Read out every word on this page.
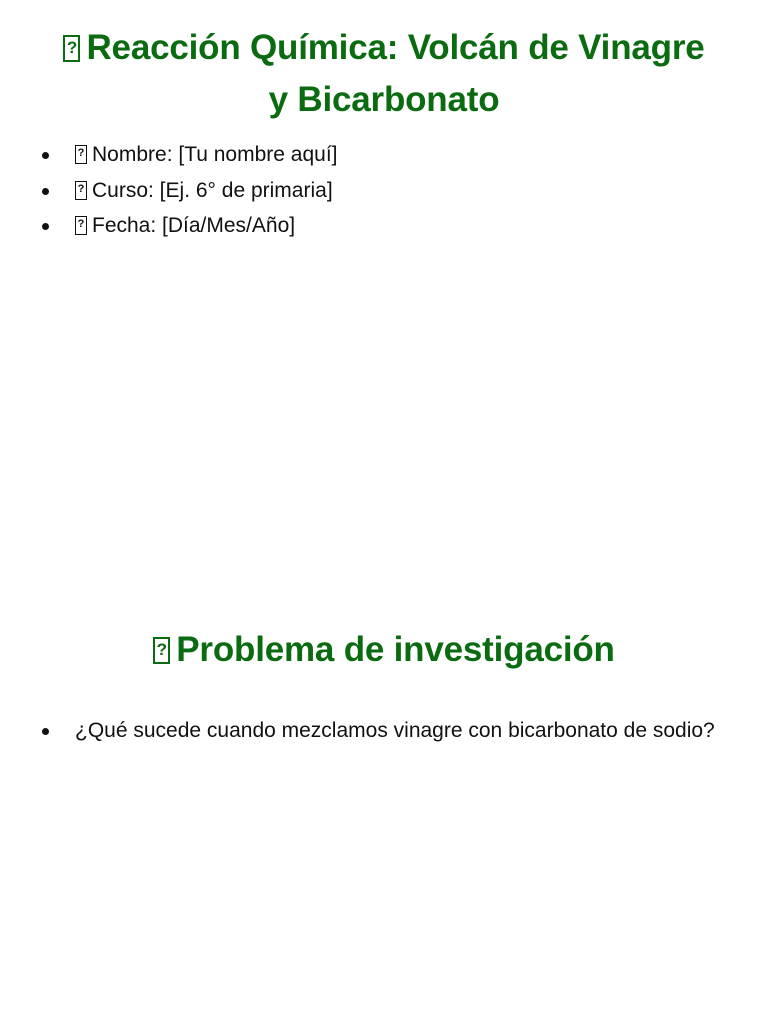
?Reacción Química: Volcán de Vinagre y Bicarbonato
?Nombre: [Tu nombre aquí]
?Curso: [Ej. 6° de primaria]
?Fecha: [Día/Mes/Año]
?Problema de investigación
¿Qué sucede cuando mezclamos vinagre con bicarbonato de sodio?
